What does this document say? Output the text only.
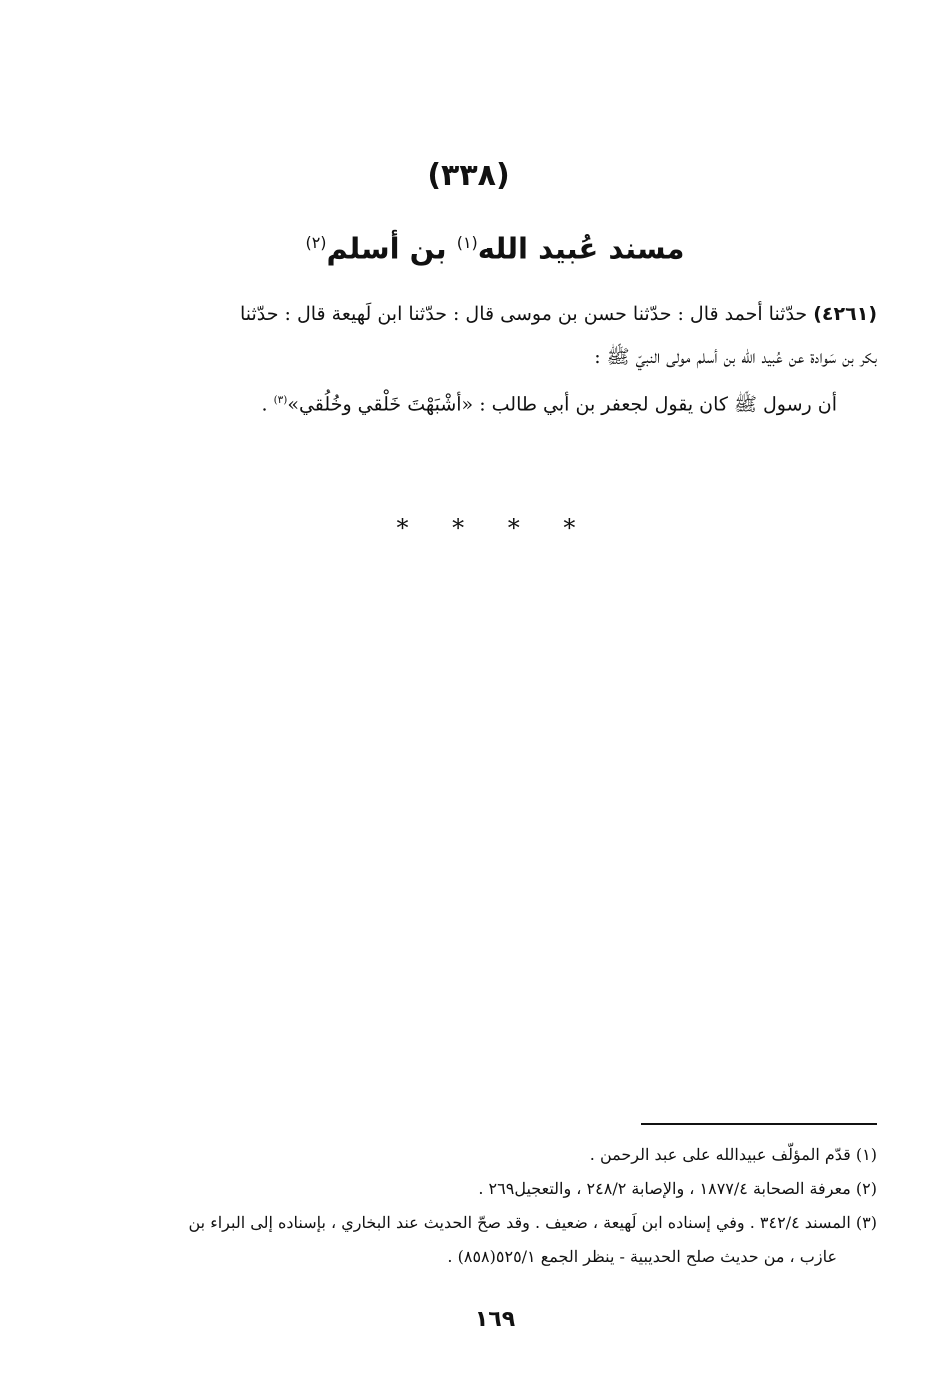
(٣٣٨)
مسند عُبيد الله$^{(١)}$ بن أسلم$^{(٢)}$

(٤٢٦١) حدّثنا أحمد قال : حدّثنا حسن بن موسى قال : حدّثنا ابن لَهيعة قال : حدّثنا

بكر بن سَوادة عن عُبيد الله بن أسلم مولى النبيّ ﷺ :

أن رسول ﷺ كان يقول لجعفر بن أبي طالب : «أشْبَهْتَ خَلْقي وخُلُقي»$^{(٣)}$ .

* * * *

(١) قدّم المؤلّف عبيدالله على عبد الرحمن .

(٢) معرفة الصحابة ١٨٧٧/٤ ، والإصابة ٢٤٨/٢ ، والتعجيل٢٦٩ .

(٣) المسند ٣٤٢/٤ . وفي إسناده ابن لَهيعة ، ضعيف . وقد صحّ الحديث عند البخاري ، بإسناده إلى البراء بن

عازب ، من حديث صلح الحديبية - ينظر الجمع ٥٢٥/١(٨٥٨) .

١٦٩
